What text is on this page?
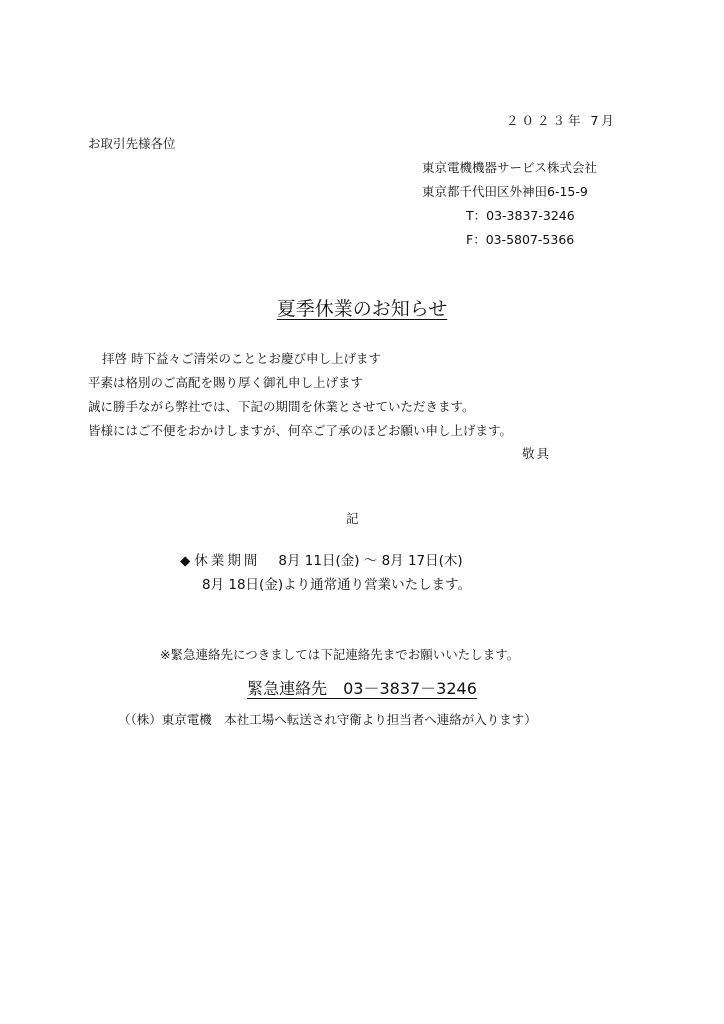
２０２３年 7月
お取引先様各位
東京電機機器サービス株式会社
東京都千代田区外神田6-15-9
T：03-3837-3246
F：03-5807-5366
夏季休業のお知らせ
拝啓 時下益々ご清栄のこととお慶び申し上げます
平素は格別のご高配を賜り厚く御礼申し上げます
誠に勝手ながら弊社では、下記の期間を休業とさせていただきます。
皆様にはご不便をおかけしますが、何卒ご了承のほどお願い申し上げます。
敬具
記
◆ 休業期間 8月 11日(金) ～ 8月 17日(木)
8月 18日(金)より通常通り営業いたします。
※緊急連絡先につきましては下記連絡先までお願いいたします。
緊急連絡先　03－3837－3246
（（株）東京電機　本社工場へ転送され守衛より担当者へ連絡が入ります）
